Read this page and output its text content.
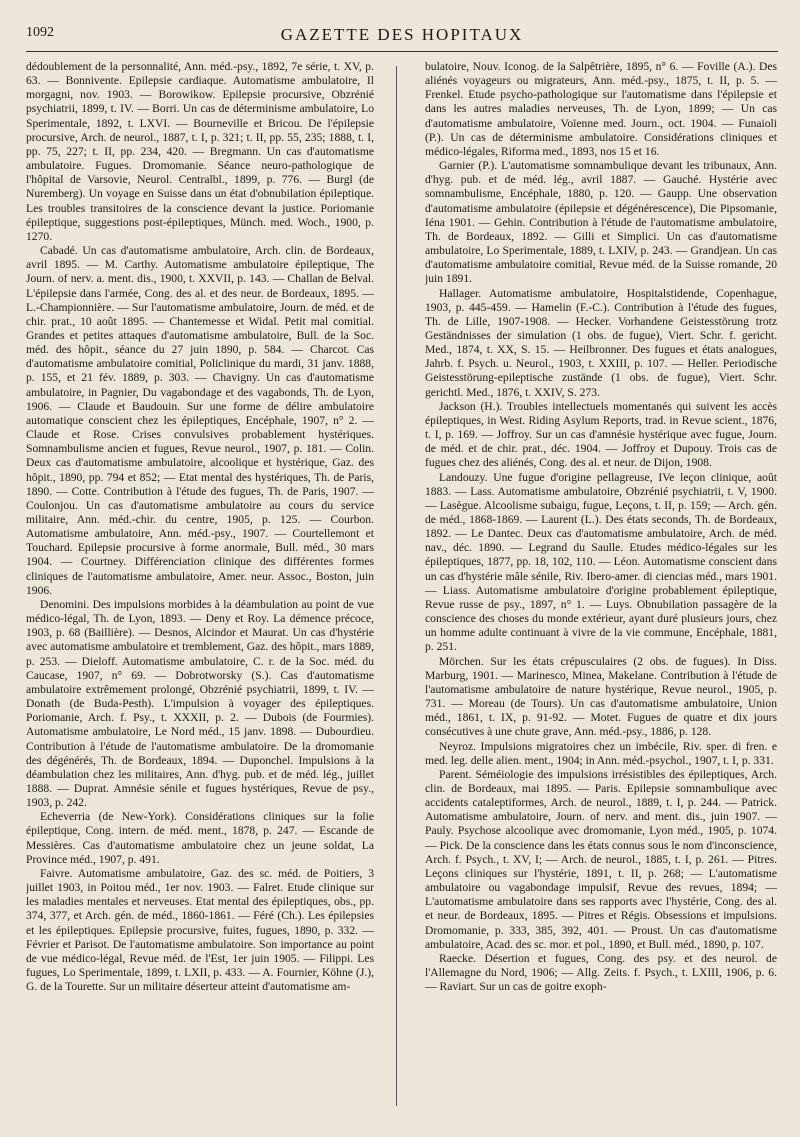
1092	GAZETTE DES HOPITAUX

dédoublement de la personnalité, Ann. méd.-psy., 1892, 7e série, t. XV, p. 63. — Bonnivente. Epilepsie cardiaque. Automatisme ambulatoire, Il morgagni, nov. 1903. — Borowikow. Epilepsie procursive, Obzrénié psychiatrii, 1899, t. IV. — Borri. Un cas de déterminisme ambulatoire, Lo Sperimentale, 1892, t. LXVI. — Bourneville et Bricou. De l'épilepsie procursive, Arch. de neurol., 1887, t. I, p. 321; t. II, pp. 55, 235; 1888, t. I, pp. 75, 227; t. II, pp. 234, 420. — Bregmann. Un cas d'automatisme ambulatoire. Fugues. Dromomanie. Séance neuro-pathologique de l'hôpital de Varsovie, Neurol. Centralbl., 1899, p. 776. — Burgl (de Nuremberg). Un voyage en Suisse dans un état d'obnubilation épileptique. Les troubles transitoires de la conscience devant la justice. Poriomanie épileptique, suggestions post-épileptiques, Münch. med. Woch., 1900, p. 1270.

Cabadé. Un cas d'automatisme ambulatoire, Arch. clin. de Bordeaux, avril 1895. — M. Carthy. Automatisme ambulatoire épileptique, The Journ. of nerv. a. ment. dis., 1900, t. XXVII, p. 143. — Challan de Belval. L'épilepsie dans l'armée, Cong. des al. et des neur. de Bordeaux, 1895. — L.-Championnière. — Sur l'automatisme ambulatoire, Journ. de méd. et de chir. prat., 10 août 1895. — Chantemesse et Widal. Petit mal comitial. Grandes et petites attaques d'automatisme ambulatoire, Bull. de la Soc. méd. des hôpit., séance du 27 juin 1890, p. 584. — Charcot. Cas d'automatisme ambulatoire comitial, Policlinique du mardi, 31 janv. 1888, p. 155, et 21 fév. 1889, p. 303. — Chavigny. Un cas d'automatisme ambulatoire, in Pagnier, Du vagabondage et des vagabonds, Th. de Lyon, 1906. — Claude et Baudouin. Sur une forme de délire ambulatoire automatique conscient chez les épileptiques, Encéphale, 1907, n° 2. — Claude et Rose. Crises convulsives probablement hystériques. Somnambulisme ancien et fugues, Revue neurol., 1907, p. 181. — Colin. Deux cas d'automatisme ambulatoire, alcoolique et hystérique, Gaz. des hôpit., 1890, pp. 794 et 852; — Etat mental des hystériques, Th. de Paris, 1890. — Cotte. Contribution à l'étude des fugues, Th. de Paris, 1907. — Coulonjou. Un cas d'automatisme ambulatoire au cours du service militaire, Ann. méd.-chir. du centre, 1905, p. 125. — Courbon. Automatisme ambulatoire, Ann. méd.-psy., 1907. — Courtellemont et Touchard. Epilepsie procursive à forme anormale, Bull. méd., 30 mars 1904. — Courtney. Différenciation clinique des différentes formes cliniques de l'automatisme ambulatoire, Amer. neur. Assoc., Boston, juin 1906.

Denomini. Des impulsions morbides à la déambulation au point de vue médico-légal, Th. de Lyon, 1893. — Deny et Roy. La démence précoce, 1903, p. 68 (Baillière). — Desnos, Alcindor et Maurat. Un cas d'hystérie avec automatisme ambulatoire et tremblement, Gaz. des hôpit., mars 1889, p. 253. — Dieloff. Automatisme ambulatoire, C. r. de la Soc. méd. du Caucase, 1907, n° 69. — Dobrotworsky (S.). Cas d'automatisme ambulatoire extrêmement prolongé, Obzrénié psychiatrii, 1899, t. IV. — Donath (de Buda-Pesth). L'impulsion à voyager des épileptiques. Poriomanie, Arch. f. Psy., t. XXXII, p. 2. — Dubois (de Fourmies). Automatisme ambulatoire, Le Nord méd., 15 janv. 1898. — Dubourdieu. Contribution à l'étude de l'automatisme ambulatoire. De la dromomanie des dégénérés, Th. de Bordeaux, 1894. — Duponchel. Impulsions à la déambulation chez les militaires, Ann. d'hyg. pub. et de méd. lég., juillet 1888. — Duprat. Amnésie sénile et fugues hystériques, Revue de psy., 1903, p. 242.

Echeverria (de New-York). Considérations cliniques sur la folie épileptique, Cong. intern. de méd. ment., 1878, p. 247. — Escande de Messières. Cas d'automatisme ambulatoire chez un jeune soldat, La Province méd., 1907, p. 491.

Faivre. Automatisme ambulatoire, Gaz. des sc. méd. de Poitiers, 3 juillet 1903, in Poitou méd., 1er nov. 1903. — Falret. Etude clinique sur les maladies mentales et nerveuses. Etat mental des épileptiques, obs., pp. 374, 377, et Arch. gén. de méd., 1860-1861. — Féré (Ch.). Les épilepsies et les épileptiques. Epilepsie procursive, fuites, fugues, 1890, p. 332. — Février et Parisot. De l'automatisme ambulatoire. Son importance au point de vue médico-légal, Revue méd. de l'Est, 1er juin 1905. — Filippi. Les fugues, Lo Sperimentale, 1899, t. LXII, p. 433. — A. Fournier, Köhne (J.), G. de la Tourette. Sur un militaire déserteur atteint d'automatisme am-

bulatoire, Nouv. Iconog. de la Salpêtrière, 1895, n° 6. — Foville (A.). Des aliénés voyageurs ou migrateurs, Ann. méd.-psy., 1875, t. II, p. 5. — Frenkel. Etude psycho-pathologique sur l'automatisme dans l'épilepsie et dans les autres maladies nerveuses, Th. de Lyon, 1899; — Un cas d'automatisme ambulatoire, Voïenne med. Journ., oct. 1904. — Funaioli (P.). Un cas de déterminisme ambulatoire. Considérations cliniques et médico-légales, Riforma med., 1893, nos 15 et 16.

Garnier (P.). L'automatisme somnambulique devant les tribunaux, Ann. d'hyg. pub. et de méd. lég., avril 1887. — Gauché. Hystérie avec somnambulisme, Encéphale, 1880, p. 120. — Gaupp. Une observation d'automatisme ambulatoire (épilepsie et dégénérescence), Die Pipsomanie, Iéna 1901. — Gehin. Contribution à l'étude de l'automatisme ambulatoire, Th. de Bordeaux, 1892. — Gilli et Simplici. Un cas d'automatisme ambulatoire, Lo Sperimentale, 1889, t. LXIV, p. 243. — Grandjean. Un cas d'automatisme ambulatoire comitial, Revue méd. de la Suisse romande, 20 juin 1891.

Hallager. Automatisme ambulatoire, Hospitalstidende, Copenhague, 1903, p. 445-459. — Hamelin (F.-C.). Contribution à l'étude des fugues, Th. de Lille, 1907-1908. — Hecker. Vorhandene Geistesstörung trotz Geständnisses der simulation (1 obs. de fugue), Viert. Schr. f. gericht. Med., 1874, t. XX, S. 15. — Heilbronner. Des fugues et états analogues, Jahrb. f. Psych. u. Neurol., 1903, t. XXIII, p. 107. — Heller. Periodische Geistesstörung-epileptische zustände (1 obs. de fugue), Viert. Schr. gerichtl. Med., 1876, t. XXIV, S. 273.

Jackson (H.). Troubles intellectuels momentanés qui suivent les accès épileptiques, in West. Riding Asylum Reports, trad. in Revue scient., 1876, t. I, p. 169. — Joffroy. Sur un cas d'amnésie hystérique avec fugue, Journ. de méd. et de chir. prat., déc. 1904. — Joffroy et Dupouy. Trois cas de fugues chez des aliénés, Cong. des al. et neur. de Dijon, 1908.

Landouzy. Une fugue d'origine pellagreuse, IVe leçon clinique, août 1883. — Lass. Automatisme ambulatoire, Obzrénié psychiatrii, t. V, 1900. — Lasègue. Alcoolisme subaigu, fugue, Leçons, t. II, p. 159; — Arch. gén. de méd., 1868-1869. — Laurent (L.). Des états seconds, Th. de Bordeaux, 1892. — Le Dantec. Deux cas d'automatisme ambulatoire, Arch. de méd. nav., déc. 1890. — Legrand du Saulle. Etudes médico-légales sur les épileptiques, 1877, pp. 18, 102, 110. — Léon. Automatisme conscient dans un cas d'hystérie mâle sénile, Riv. Ibero-amer. di ciencias méd., mars 1901. — Liass. Automatisme ambulatoire d'origine probablement épileptique, Revue russe de psy., 1897, n° 1. — Luys. Obnubilation passagère de la conscience des choses du monde extérieur, ayant duré plusieurs jours, chez un homme adulte continuant à vivre de la vie commune, Encéphale, 1881, p. 251.

Mörchen. Sur les états crépusculaires (2 obs. de fugues). In Diss. Marburg, 1901. — Marinesco, Minea, Makelane. Contribution à l'étude de l'automatisme ambulatoire de nature hystérique, Revue neurol., 1905, p. 731. — Moreau (de Tours). Un cas d'automatisme ambulatoire, Union méd., 1861, t. IX, p. 91-92. — Motet. Fugues de quatre et dix jours consécutives à une chute grave, Ann. méd.-psy., 1886, p. 128.

Neyroz. Impulsions migratoires chez un imbécile, Riv. sper. di fren. e med. leg. delle alien. ment., 1904; in Ann. méd.-psychol., 1907, t. I, p. 331.

Parent. Séméiologie des impulsions irrésistibles des épileptiques, Arch. clin. de Bordeaux, mai 1895. — Paris. Epilepsie somnambulique avec accidents cataleptiformes, Arch. de neurol., 1889, t. I, p. 244. — Patrick. Automatisme ambulatoire, Journ. of nerv. and ment. dis., juin 1907. — Pauly. Psychose alcoolique avec dromomanie, Lyon méd., 1905, p. 1074. — Pick. De la conscience dans les états connus sous le nom d'inconscience, Arch. f. Psych., t. XV, I; — Arch. de neurol., 1885, t. I, p. 261. — Pitres. Leçons cliniques sur l'hystérie, 1891, t. II, p. 268; — L'automatisme ambulatoire ou vagabondage impulsif, Revue des revues, 1894; — L'automatisme ambulatoire dans ses rapports avec l'hystérie, Cong. des al. et neur. de Bordeaux, 1895. — Pitres et Régis. Obsessions et impulsions. Dromomanie, p. 333, 385, 392, 401. — Proust. Un cas d'automatisme ambulatoire, Acad. des sc. mor. et pol., 1890, et Bull. méd., 1890, p. 107.

Raecke. Désertion et fugues, Cong. des psy. et des neurol. de l'Allemagne du Nord, 1906; — Allg. Zeits. f. Psych., t. LXIII, 1906, p. 6. — Raviart. Sur un cas de goitre exoph-
